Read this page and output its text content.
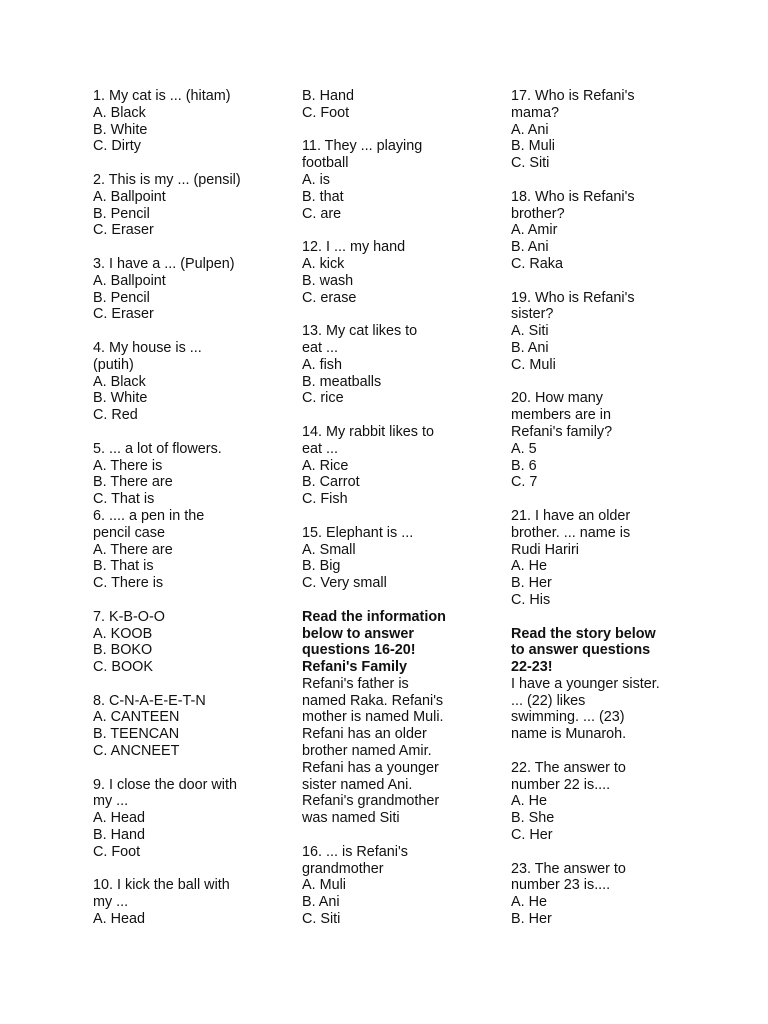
1. My cat is ... (hitam)

A. Black

B. White

C. Dirty

2. This is my ... (pensil)

A. Ballpoint

B. Pencil

C. Eraser

3. I have a ... (Pulpen)

A. Ballpoint

B. Pencil

C. Eraser

4. My house is ...

(putih)

A. Black

B. White

C. Red

5. ... a lot of flowers.

A. There is

B. There are

C. That is

6. .... a pen in the

pencil case

A. There are

B. That is

C. There is

7. K-B-O-O

A. KOOB

B. BOKO

C. BOOK

8. C-N-A-E-E-T-N

A. CANTEEN

B. TEENCAN

C. ANCNEET

9. I close the door with

my ...

A. Head

B. Hand

C. Foot

10. I kick the ball with

my ...

A. Head

B. Hand

C. Foot

11. They ... playing

football

A. is

B. that

C. are

12. I ... my hand

A. kick

B. wash

C. erase

13. My cat likes to

eat ...

A. fish

B. meatballs

C. rice

14. My rabbit likes to

eat ...

A. Rice

B. Carrot

C. Fish

15. Elephant is ...

A. Small

B. Big

C. Very small

Read the information

below to answer

questions 16-20!

Refani's Family

Refani's father is

named Raka. Refani's

mother is named Muli.

Refani has an older

brother named Amir.

Refani has a younger

sister named Ani.

Refani's grandmother

was named Siti

16. ... is Refani's

grandmother

A. Muli

B. Ani

C. Siti

17. Who is Refani's

mama?

A. Ani

B. Muli

C. Siti

18. Who is Refani's

brother?

A. Amir

B. Ani

C. Raka

19. Who is Refani's

sister?

A. Siti

B. Ani

C. Muli

20. How many

members are in

Refani's family?

A. 5

B. 6

C. 7

21. I have an older

brother. ... name is

Rudi Hariri

A. He

B. Her

C. His

Read the story below

to answer questions

22-23!

I have a younger sister.

... (22) likes

swimming. ... (23)

name is Munaroh.

22. The answer to

number 22 is....

A. He

B. She

C. Her

23. The answer to

number 23 is....

A. He

B. Her
